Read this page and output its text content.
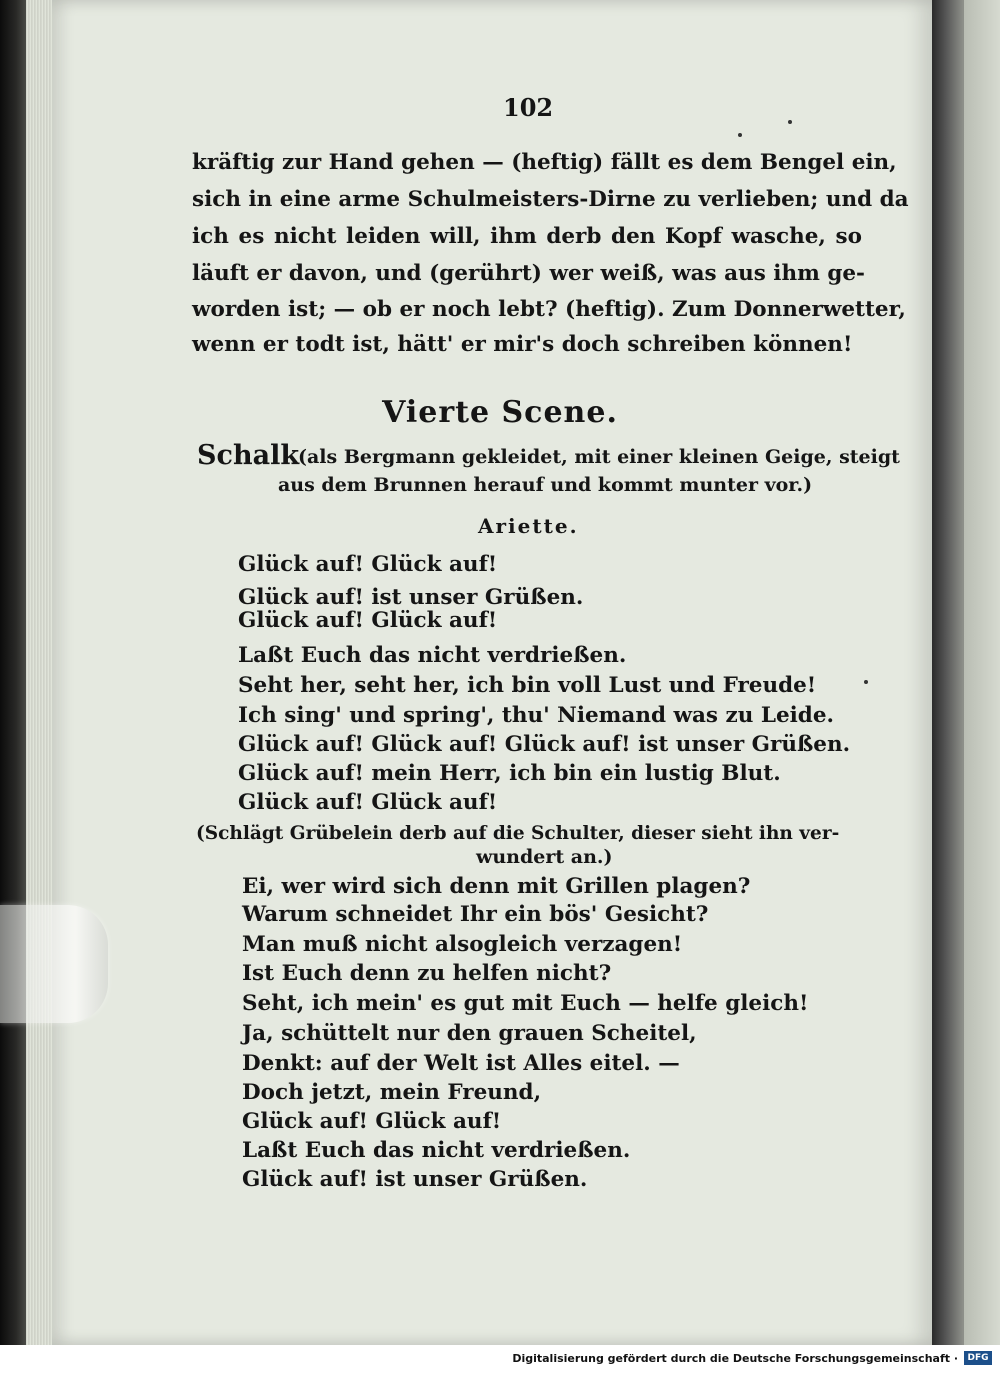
102
kräftig zur Hand gehen — (heftig) fällt es dem Bengel ein,
sich in eine arme Schulmeisters-Dirne zu verlieben; und da
ich es nicht leiden will, ihm derb den Kopf wasche, so
läuft er davon, und (gerührt) wer weiß, was aus ihm ge-
worden ist; — ob er noch lebt? (heftig). Zum Donnerwetter,
wenn er todt ist, hätt' er mir's doch schreiben können!
Vierte Scene.
Schalk
(als Bergmann gekleidet, mit einer kleinen Geige, steigt
aus dem Brunnen herauf und kommt munter vor.)
Ariette.
Glück auf! Glück auf!
Glück auf! ist unser Grüßen.
Glück auf! Glück auf!
Laßt Euch das nicht verdrießen.
Seht her, seht her, ich bin voll Lust und Freude!
Ich sing' und spring', thu' Niemand was zu Leide.
Glück auf! Glück auf! Glück auf! ist unser Grüßen.
Glück auf! mein Herr, ich bin ein lustig Blut.
Glück auf! Glück auf!
(Schlägt Grübelein derb auf die Schulter, dieser sieht ihn ver-
wundert an.)
Ei, wer wird sich denn mit Grillen plagen?
Warum schneidet Ihr ein bös' Gesicht?
Man muß nicht alsogleich verzagen!
Ist Euch denn zu helfen nicht?
Seht, ich mein' es gut mit Euch — helfe gleich!
Ja, schüttelt nur den grauen Scheitel,
Denkt: auf der Welt ist Alles eitel. —
Doch jetzt, mein Freund,
Glück auf! Glück auf!
Laßt Euch das nicht verdrießen.
Glück auf! ist unser Grüßen.
Digitalisierung gefördert durch die Deutsche Forschungsgemeinschaft ·	DFG
